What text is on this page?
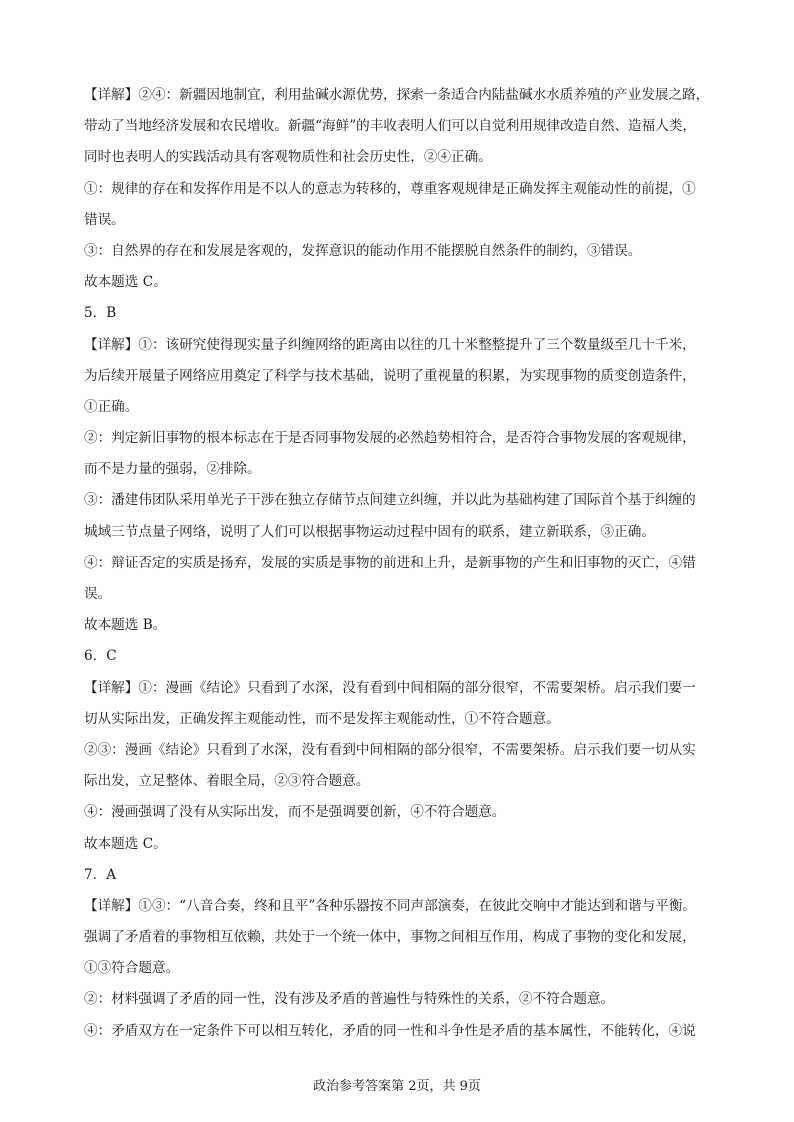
【详解】②④：新疆因地制宜，利用盐碱水源优势，探索一条适合内陆盐碱水水质养殖的产业发展之路，
带动了当地经济发展和农民增收。新疆“海鲜”的丰收表明人们可以自觉利用规律改造自然、造福人类，
同时也表明人的实践活动具有客观物质性和社会历史性，②④正确。
①：规律的存在和发挥作用是不以人的意志为转移的，尊重客观规律是正确发挥主观能动性的前提，①
错误。
③：自然界的存在和发展是客观的，发挥意识的能动作用不能摆脱自然条件的制约，③错误。
故本题选 C。
5．B
【详解】①：该研究使得现实量子纠缠网络的距离由以往的几十米整整提升了三个数量级至几十千米，
为后续开展量子网络应用奠定了科学与技术基础，说明了重视量的积累，为实现事物的质变创造条件，
①正确。
②：判定新旧事物的根本标志在于是否同事物发展的必然趋势相符合，是否符合事物发展的客观规律，
而不是力量的强弱，②排除。
③：潘建伟团队采用单光子干涉在独立存储节点间建立纠缠，并以此为基础构建了国际首个基于纠缠的
城域三节点量子网络，说明了人们可以根据事物运动过程中固有的联系，建立新联系，③正确。
④：辩证否定的实质是扬弃，发展的实质是事物的前进和上升，是新事物的产生和旧事物的灭亡，④错
误。
故本题选 B。
6．C
【详解】①：漫画《结论》只看到了水深，没有看到中间相隔的部分很窄，不需要架桥。启示我们要一
切从实际出发，正确发挥主观能动性，而不是发挥主观能动性，①不符合题意。
②③：漫画《结论》只看到了水深，没有看到中间相隔的部分很窄，不需要架桥。启示我们要一切从实
际出发，立足整体、着眼全局，②③符合题意。
④：漫画强调了没有从实际出发，而不是强调要创新，④不符合题意。
故本题选 C。
7．A
【详解】①③：“八音合奏，终和且平”各种乐器按不同声部演奏，在彼此交响中才能达到和谐与平衡。
强调了矛盾着的事物相互依赖，共处于一个统一体中，事物之间相互作用，构成了事物的变化和发展，
①③符合题意。
②：材料强调了矛盾的同一性，没有涉及矛盾的普遍性与特殊性的关系，②不符合题意。
④：矛盾双方在一定条件下可以相互转化，矛盾的同一性和斗争性是矛盾的基本属性，不能转化，④说
政治参考答案第 2页，共 9页
